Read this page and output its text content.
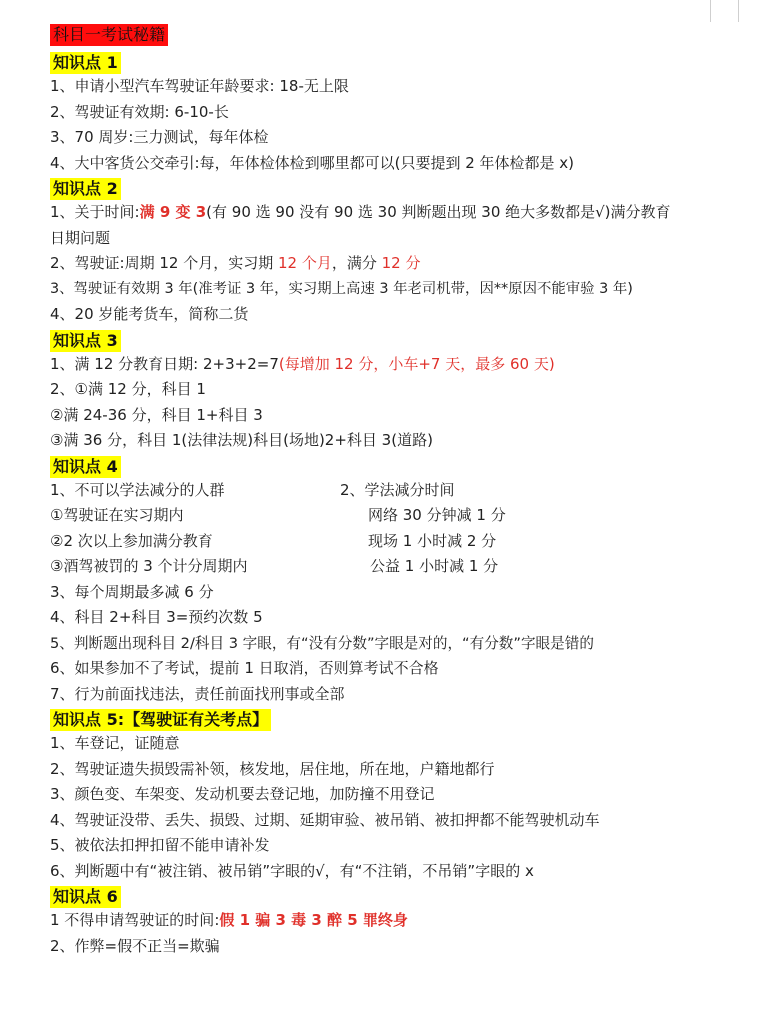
科目一考试秘籍
知识点 1
1、申请小型汽车驾驶证年龄要求: 18-无上限
2、驾驶证有效期: 6-10-长
3、70 周岁:三力测试，每年体检
4、大中客货公交牵引:每，年体检体检到哪里都可以(只要提到 2 年体检都是 x)
知识点 2
1、关于时间:满 9 变 3(有 90 选 90 没有 90 选 30 判断题出现 30 绝大多数都是√)满分教育
日期问题
2、驾驶证:周期 12 个月，实习期 12 个月，满分 12 分
3、驾驶证有效期 3 年(准考证 3 年，实习期上高速 3 年老司机带，因**原因不能审验 3 年)
4、20 岁能考货车，简称二货
知识点 3
1、满 12 分教育日期: 2+3+2=7(每增加 12 分，小车+7 天，最多 60 天)
2、①满 12 分，科目 1
②满 24-36 分，科目 1+科目 3
③满 36 分，科目 1(法律法规)科目(场地)2+科目 3(道路)
知识点 4
1、不可以学法减分的人群
①驾驶证在实习期内
②2 次以上参加满分教育
③酒驾被罚的 3 个计分周期内
2、学法减分时间
网络 30 分钟减 1 分
现场 1 小时减 2 分
公益 1 小时减 1 分
3、每个周期最多减 6 分
4、科目 2+科目 3=预约次数 5
5、判断题出现科目 2/科目 3 字眼，有“没有分数”字眼是对的，“有分数”字眼是错的
6、如果参加不了考试，提前 1 日取消，否则算考试不合格
7、行为前面找违法，责任前面找刑事或全部
知识点 5:【驾驶证有关考点】
1、车登记，证随意
2、驾驶证遗失损毁需补领，核发地，居住地，所在地，户籍地都行
3、颜色变、车架变、发动机要去登记地，加防撞不用登记
4、驾驶证没带、丢失、损毁、过期、延期审验、被吊销、被扣押都不能驾驶机动车
5、被依法扣押扣留不能申请补发
6、判断题中有“被注销、被吊销”字眼的√，有“不注销，不吊销”字眼的 x
知识点 6
1 不得申请驾驶证的时间:假 1 骗 3 毒 3 醉 5 罪终身
2、作弊=假不正当=欺骗
